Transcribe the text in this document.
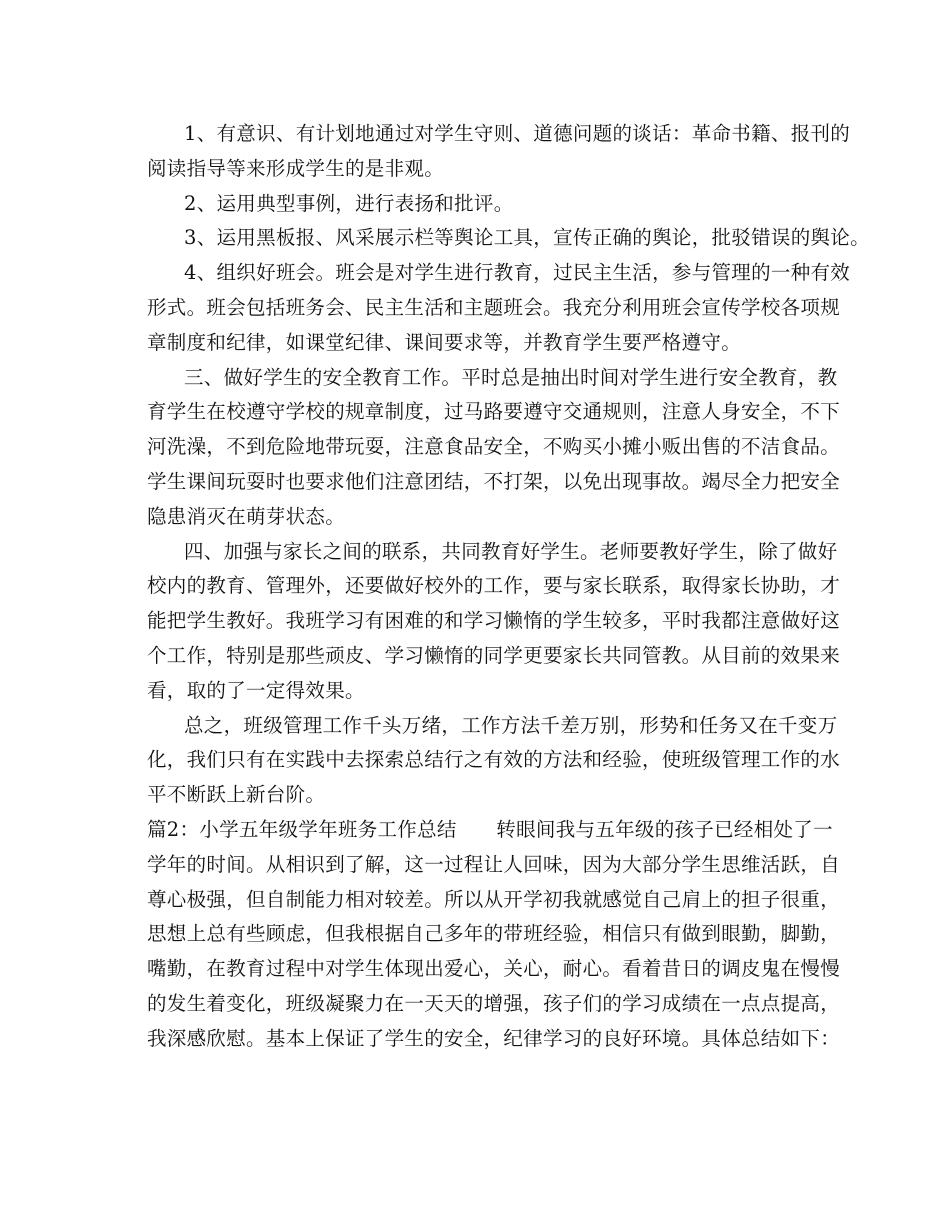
1、有意识、有计划地通过对学生守则、道德问题的谈话：革命书籍、报刊的
阅读指导等来形成学生的是非观。
2、运用典型事例，进行表扬和批评。
3、运用黑板报、风采展示栏等舆论工具，宣传正确的舆论，批驳错误的舆论。
4、组织好班会。班会是对学生进行教育，过民主生活，参与管理的一种有效
形式。班会包括班务会、民主生活和主题班会。我充分利用班会宣传学校各项规
章制度和纪律，如课堂纪律、课间要求等，并教育学生要严格遵守。
三、做好学生的安全教育工作。平时总是抽出时间对学生进行安全教育，教
育学生在校遵守学校的规章制度，过马路要遵守交通规则，注意人身安全，不下
河洗澡，不到危险地带玩耍，注意食品安全，不购买小摊小贩出售的不洁食品。
学生课间玩耍时也要求他们注意团结，不打架，以免出现事故。竭尽全力把安全
隐患消灭在萌芽状态。
四、加强与家长之间的联系，共同教育好学生。老师要教好学生，除了做好
校内的教育、管理外，还要做好校外的工作，要与家长联系，取得家长协助，才
能把学生教好。我班学习有困难的和学习懒惰的学生较多，平时我都注意做好这
个工作，特别是那些顽皮、学习懒惰的同学更要家长共同管教。从目前的效果来
看，取的了一定得效果。
总之，班级管理工作千头万绪，工作方法千差万别，形势和任务又在千变万
化，我们只有在实践中去探索总结行之有效的方法和经验，使班级管理工作的水
平不断跃上新台阶。
篇2：小学五年级学年班务工作总结　　转眼间我与五年级的孩子已经相处了一
学年的时间。从相识到了解，这一过程让人回味，因为大部分学生思维活跃，自
尊心极强，但自制能力相对较差。所以从开学初我就感觉自己肩上的担子很重，
思想上总有些顾虑，但我根据自己多年的带班经验，相信只有做到眼勤，脚勤，
嘴勤，在教育过程中对学生体现出爱心，关心，耐心。看着昔日的调皮鬼在慢慢
的发生着变化，班级凝聚力在一天天的增强，孩子们的学习成绩在一点点提高，
我深感欣慰。基本上保证了学生的安全，纪律学习的良好环境。具体总结如下：
